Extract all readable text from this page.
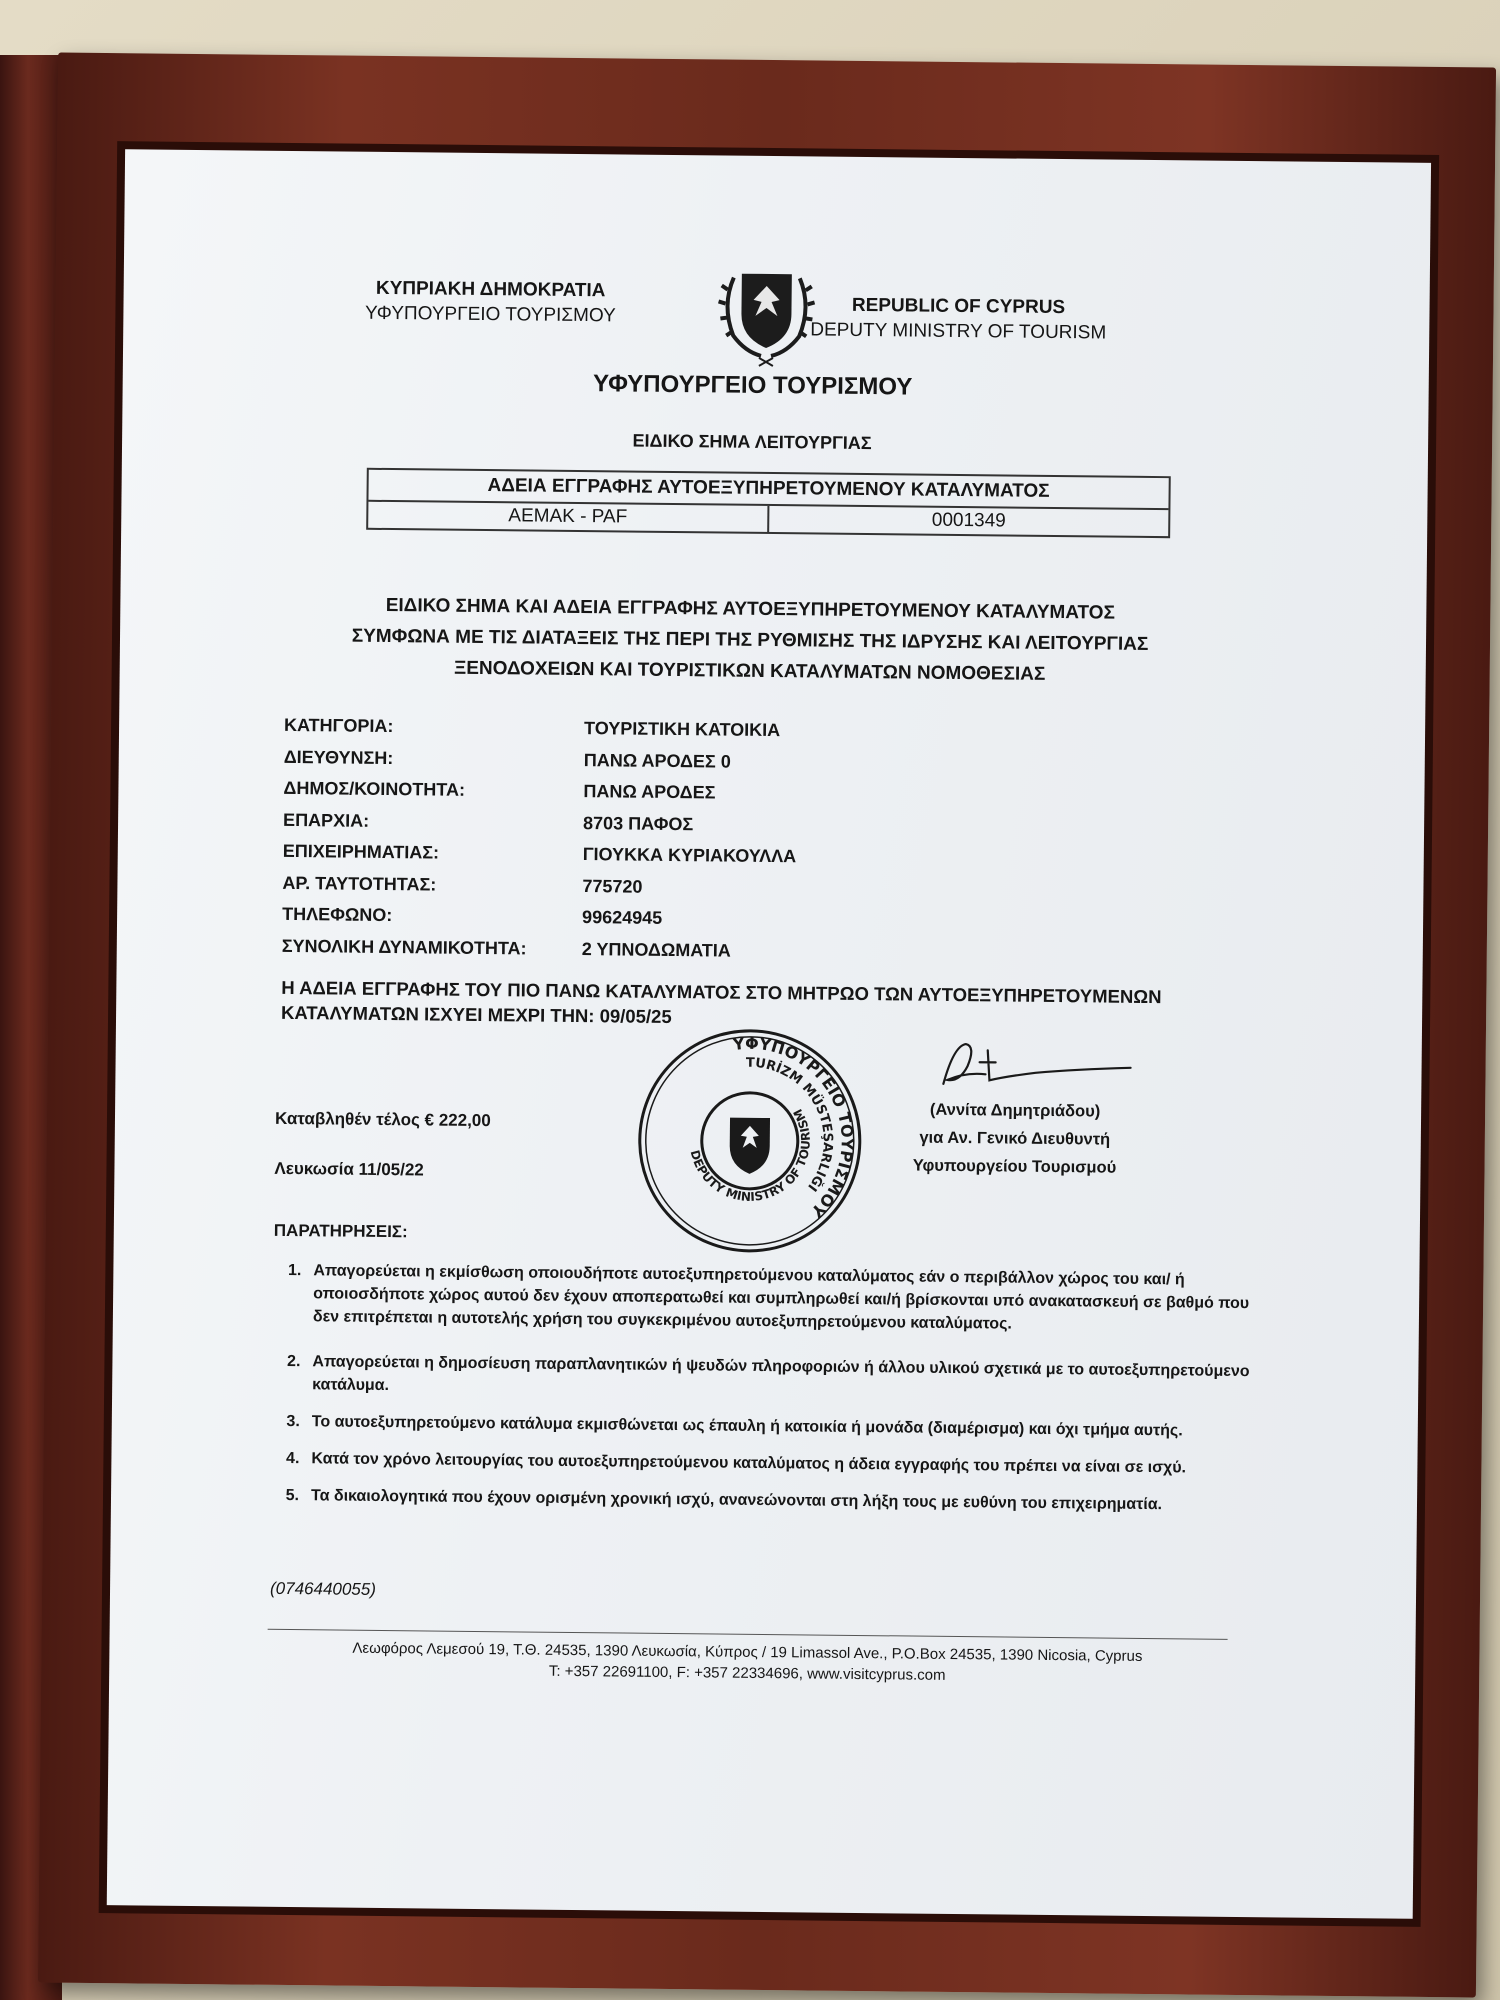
ΚΥΠΡΙΑΚΗ ΔΗΜΟΚΡΑΤΙΑ
ΥΦΥΠΟΥΡΓΕΙΟ ΤΟΥΡΙΣΜΟΥ	REPUBLIC OF CYPRUS
DEPUTY MINISTRY OF TOURISM
ΥΦΥΠΟΥΡΓΕΙΟ ΤΟΥΡΙΣΜΟΥ
ΕΙΔΙΚΟ ΣΗΜΑ ΛΕΙΤΟΥΡΓΙΑΣ
ΑΔΕΙΑ ΕΓΓΡΑΦΗΣ ΑΥΤΟΕΞΥΠΗΡΕΤΟΥΜΕΝΟΥ ΚΑΤΑΛΥΜΑΤΟΣ
AEMAK - PAF	0001349
ΕΙΔΙΚΟ ΣΗΜΑ ΚΑΙ ΑΔΕΙΑ ΕΓΓΡΑΦΗΣ ΑΥΤΟΕΞΥΠΗΡΕΤΟΥΜΕΝΟΥ ΚΑΤΑΛΥΜΑΤΟΣ
ΣΥΜΦΩΝΑ ΜΕ ΤΙΣ ΔΙΑΤΑΞΕΙΣ ΤΗΣ ΠΕΡΙ ΤΗΣ ΡΥΘΜΙΣΗΣ ΤΗΣ ΙΔΡΥΣΗΣ ΚΑΙ ΛΕΙΤΟΥΡΓΙΑΣ
ΞΕΝΟΔΟΧΕΙΩΝ ΚΑΙ ΤΟΥΡΙΣΤΙΚΩΝ ΚΑΤΑΛΥΜΑΤΩΝ ΝΟΜΟΘΕΣΙΑΣ
ΚΑΤΗΓΟΡΙΑ:	ΤΟΥΡΙΣΤΙΚΗ ΚΑΤΟΙΚΙΑ
ΔΙΕΥΘΥΝΣΗ:	ΠΑΝΩ ΑΡΟΔΕΣ 0
ΔΗΜΟΣ/ΚΟΙΝΟΤΗΤΑ:	ΠΑΝΩ ΑΡΟΔΕΣ
ΕΠΑΡΧΙΑ:	8703 ΠΑΦΟΣ
ΕΠΙΧΕΙΡΗΜΑΤΙΑΣ:	ΓΙΟΥΚΚΑ ΚΥΡΙΑΚΟΥΛΛΑ
ΑΡ. ΤΑΥΤΟΤΗΤΑΣ:	775720
ΤΗΛΕΦΩΝΟ:	99624945
ΣΥΝΟΛΙΚΗ ΔΥΝΑΜΙΚΟΤΗΤΑ:	2 ΥΠΝΟΔΩΜΑΤΙΑ
Η ΑΔΕΙΑ ΕΓΓΡΑΦΗΣ ΤΟΥ ΠΙΟ ΠΑΝΩ ΚΑΤΑΛΥΜΑΤΟΣ ΣΤΟ ΜΗΤΡΩΟ ΤΩΝ ΑΥΤΟΕΞΥΠΗΡΕΤΟΥΜΕΝΩΝ
ΚΑΤΑΛΥΜΑΤΩΝ ΙΣΧΥΕΙ ΜΕΧΡΙ ΤΗΝ: 09/05/25
ΥΦΥΠΟΥΡΓΕΙΟ ΤΟΥΡΙΣΜΟΥ
TURİZM MÜSTEŞARLIĞI
DEPUTY MINISTRY OF TOURISM	(Αννίτα Δημητριάδου)
για Αν. Γενικό Διευθυντή
Υφυπουργείου Τουρισμού
Καταβληθέν τέλος € 222,00
Λευκωσία 11/05/22
ΠΑΡΑΤΗΡΗΣΕΙΣ:
1. Απαγορεύεται η εκμίσθωση οποιουδήποτε αυτοεξυπηρετούμενου καταλύματος εάν ο περιβάλλον χώρος του και/ ή οποιοσδήποτε χώρος αυτού δεν έχουν αποπερατωθεί και συμπληρωθεί και/ή βρίσκονται υπό ανακατασκευή σε βαθμό που δεν επιτρέπεται η αυτοτελής χρήση του συγκεκριμένου αυτοεξυπηρετούμενου καταλύματος.
2. Απαγορεύεται η δημοσίευση παραπλανητικών ή ψευδών πληροφοριών ή άλλου υλικού σχετικά με το αυτοεξυπηρετούμενο κατάλυμα.
3. Το αυτοεξυπηρετούμενο κατάλυμα εκμισθώνεται ως έπαυλη ή κατοικία ή μονάδα (διαμέρισμα) και όχι τμήμα αυτής.
4. Κατά τον χρόνο λειτουργίας του αυτοεξυπηρετούμενου καταλύματος η άδεια εγγραφής του πρέπει να είναι σε ισχύ.
5. Τα δικαιολογητικά που έχουν ορισμένη χρονική ισχύ, ανανεώνονται στη λήξη τους με ευθύνη του επιχειρηματία.
(0746440055)
Λεωφόρος Λεμεσού 19, Τ.Θ. 24535, 1390 Λευκωσία, Κύπρος / 19 Limassol Ave., P.O.Box 24535, 1390 Nicosia, Cyprus
T: +357 22691100, F: +357 22334696, www.visitcyprus.com
